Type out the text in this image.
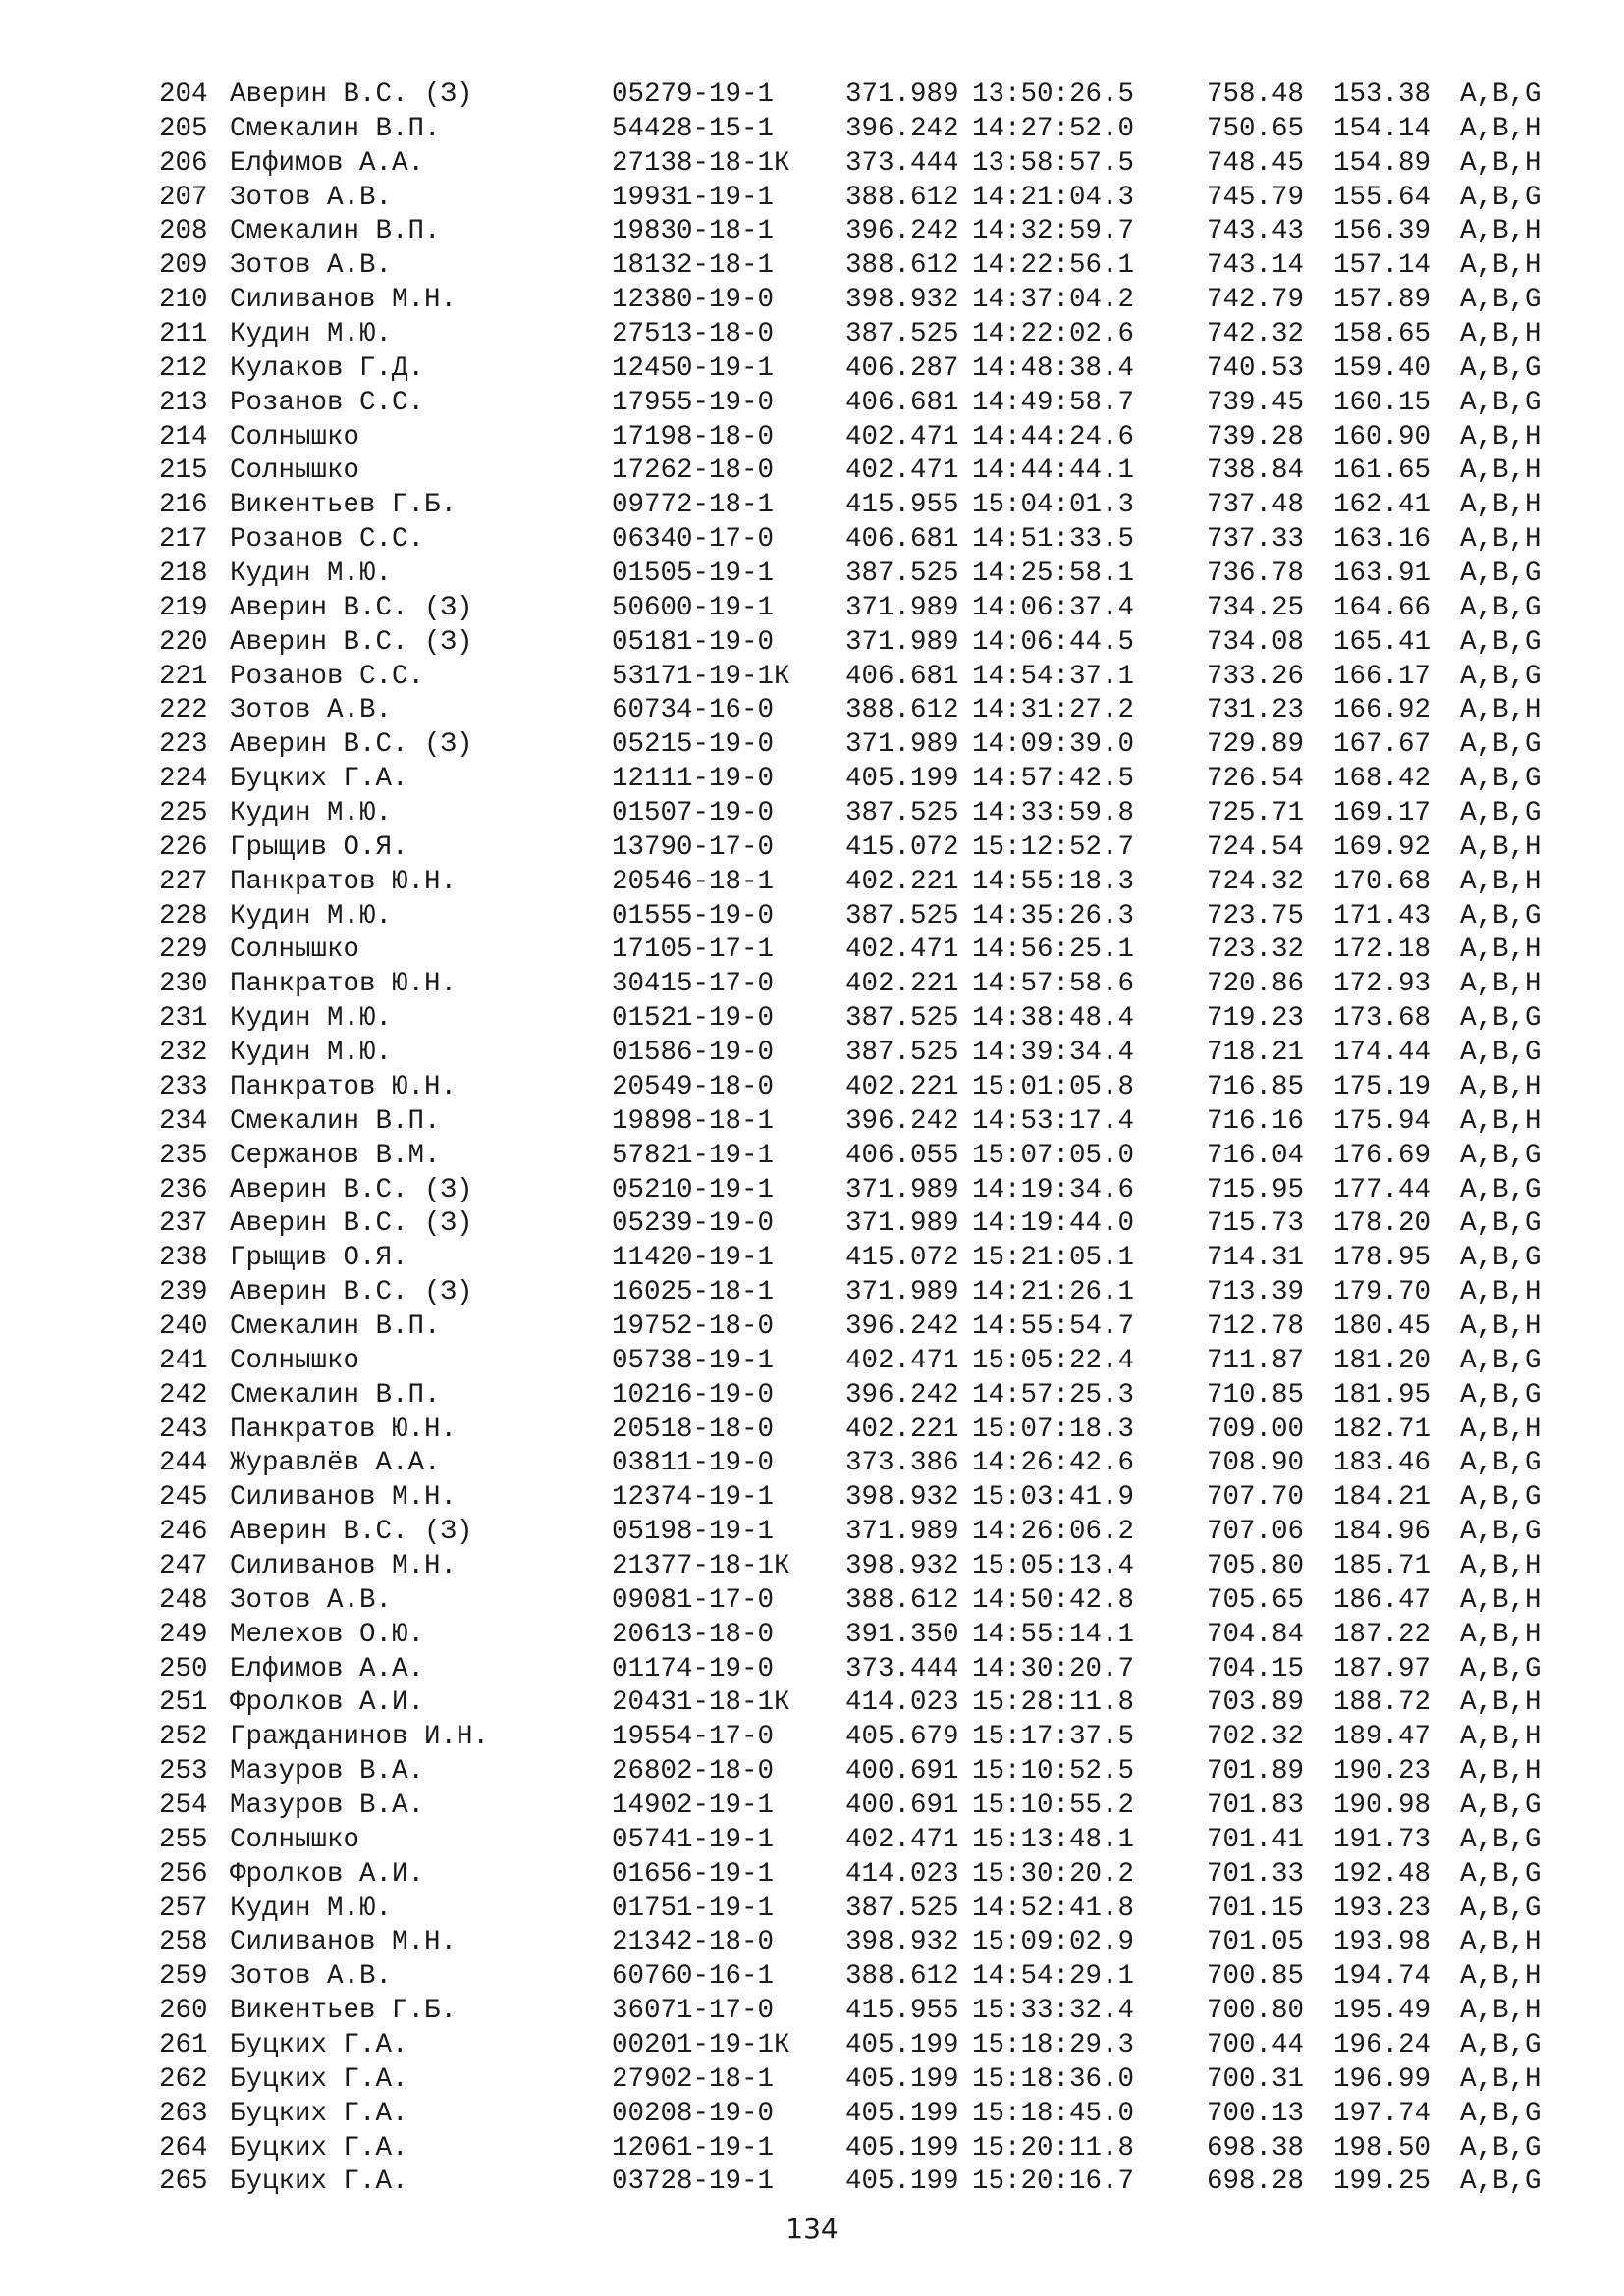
204 Аверин В.С. (З)	05279-19-1	371.989 13:50:26.5	758.48 153.38 A,B,G
205 Смекалин В.П.	54428-15-1	396.242 14:27:52.0	750.65 154.14 A,B,H
206 Елфимов А.А.	27138-18-1К 373.444 13:58:57.5	748.45 154.89 A,B,H
207 Зотов А.В.	19931-19-1	388.612 14:21:04.3	745.79 155.64 A,B,G
208 Смекалин В.П.	19830-18-1	396.242 14:32:59.7	743.43 156.39 A,B,H
209 Зотов А.В.	18132-18-1	388.612 14:22:56.1	743.14 157.14 A,B,H
210 Силиванов М.Н.	12380-19-0	398.932 14:37:04.2	742.79 157.89 A,B,G
211 Кудин М.Ю.	27513-18-0	387.525 14:22:02.6	742.32 158.65 A,B,H
212 Кулаков Г.Д.	12450-19-1	406.287 14:48:38.4	740.53 159.40 A,B,G
213 Розанов С.С.	17955-19-0	406.681 14:49:58.7	739.45 160.15 A,B,G
214 Солнышко	17198-18-0	402.471 14:44:24.6	739.28 160.90 A,B,H
215 Солнышко	17262-18-0	402.471 14:44:44.1	738.84 161.65 A,B,H
216 Викентьев Г.Б.	09772-18-1	415.955 15:04:01.3	737.48 162.41 A,B,H
217 Розанов С.С.	06340-17-0	406.681 14:51:33.5	737.33 163.16 A,B,H
218 Кудин М.Ю.	01505-19-1	387.525 14:25:58.1	736.78 163.91 A,B,G
219 Аверин В.С. (З)	50600-19-1	371.989 14:06:37.4	734.25 164.66 A,B,G
220 Аверин В.С. (З)	05181-19-0	371.989 14:06:44.5	734.08 165.41 A,B,G
221 Розанов С.С.	53171-19-1К 406.681 14:54:37.1	733.26 166.17 A,B,G
222 Зотов А.В.	60734-16-0	388.612 14:31:27.2	731.23 166.92 A,B,H
223 Аверин В.С. (З)	05215-19-0	371.989 14:09:39.0	729.89 167.67 A,B,G
224 Буцких Г.А.	12111-19-0	405.199 14:57:42.5	726.54 168.42 A,B,G
225 Кудин М.Ю.	01507-19-0	387.525 14:33:59.8	725.71 169.17 A,B,G
226 Грыщив О.Я.	13790-17-0	415.072 15:12:52.7	724.54 169.92 A,B,H
227 Панкратов Ю.Н.	20546-18-1	402.221 14:55:18.3	724.32 170.68 A,B,H
228 Кудин М.Ю.	01555-19-0	387.525 14:35:26.3	723.75 171.43 A,B,G
229 Солнышко	17105-17-1	402.471 14:56:25.1	723.32 172.18 A,B,H
230 Панкратов Ю.Н.	30415-17-0	402.221 14:57:58.6	720.86 172.93 A,B,H
231 Кудин М.Ю.	01521-19-0	387.525 14:38:48.4	719.23 173.68 A,B,G
232 Кудин М.Ю.	01586-19-0	387.525 14:39:34.4	718.21 174.44 A,B,G
233 Панкратов Ю.Н.	20549-18-0	402.221 15:01:05.8	716.85 175.19 A,B,H
234 Смекалин В.П.	19898-18-1	396.242 14:53:17.4	716.16 175.94 A,B,H
235 Сержанов В.М.	57821-19-1	406.055 15:07:05.0	716.04 176.69 A,B,G
236 Аверин В.С. (З)	05210-19-1	371.989 14:19:34.6	715.95 177.44 A,B,G
237 Аверин В.С. (З)	05239-19-0	371.989 14:19:44.0	715.73 178.20 A,B,G
238 Грыщив О.Я.	11420-19-1	415.072 15:21:05.1	714.31 178.95 A,B,G
239 Аверин В.С. (З)	16025-18-1	371.989 14:21:26.1	713.39 179.70 A,B,H
240 Смекалин В.П.	19752-18-0	396.242 14:55:54.7	712.78 180.45 A,B,H
241 Солнышко	05738-19-1	402.471 15:05:22.4	711.87 181.20 A,B,G
242 Смекалин В.П.	10216-19-0	396.242 14:57:25.3	710.85 181.95 A,B,G
243 Панкратов Ю.Н.	20518-18-0	402.221 15:07:18.3	709.00 182.71 A,B,H
244 Журавлёв А.А.	03811-19-0	373.386 14:26:42.6	708.90 183.46 A,B,G
245 Силиванов М.Н.	12374-19-1	398.932 15:03:41.9	707.70 184.21 A,B,G
246 Аверин В.С. (З)	05198-19-1	371.989 14:26:06.2	707.06 184.96 A,B,G
247 Силиванов М.Н.	21377-18-1К 398.932 15:05:13.4	705.80 185.71 A,B,H
248 Зотов А.В.	09081-17-0	388.612 14:50:42.8	705.65 186.47 A,B,H
249 Мелехов О.Ю.	20613-18-0	391.350 14:55:14.1	704.84 187.22 A,B,H
250 Елфимов А.А.	01174-19-0	373.444 14:30:20.7	704.15 187.97 A,B,G
251 Фролков А.И.	20431-18-1К 414.023 15:28:11.8	703.89 188.72 A,B,H
252 Гражданинов И.Н.	19554-17-0	405.679 15:17:37.5	702.32 189.47 A,B,H
253 Мазуров В.А.	26802-18-0	400.691 15:10:52.5	701.89 190.23 A,B,H
254 Мазуров В.А.	14902-19-1	400.691 15:10:55.2	701.83 190.98 A,B,G
255 Солнышко	05741-19-1	402.471 15:13:48.1	701.41 191.73 A,B,G
256 Фролков А.И.	01656-19-1	414.023 15:30:20.2	701.33 192.48 A,B,G
257 Кудин М.Ю.	01751-19-1	387.525 14:52:41.8	701.15 193.23 A,B,G
258 Силиванов М.Н.	21342-18-0	398.932 15:09:02.9	701.05 193.98 A,B,H
259 Зотов А.В.	60760-16-1	388.612 14:54:29.1	700.85 194.74 A,B,H
260 Викентьев Г.Б.	36071-17-0	415.955 15:33:32.4	700.80 195.49 A,B,H
261 Буцких Г.А.	00201-19-1К 405.199 15:18:29.3	700.44 196.24 A,B,G
262 Буцких Г.А.	27902-18-1	405.199 15:18:36.0	700.31 196.99 A,B,H
263 Буцких Г.А.	00208-19-0	405.199 15:18:45.0	700.13 197.74 A,B,G
264 Буцких Г.А.	12061-19-1	405.199 15:20:11.8	698.38 198.50 A,B,G
265 Буцких Г.А.	03728-19-1	405.199 15:20:16.7	698.28 199.25 A,B,G
134
